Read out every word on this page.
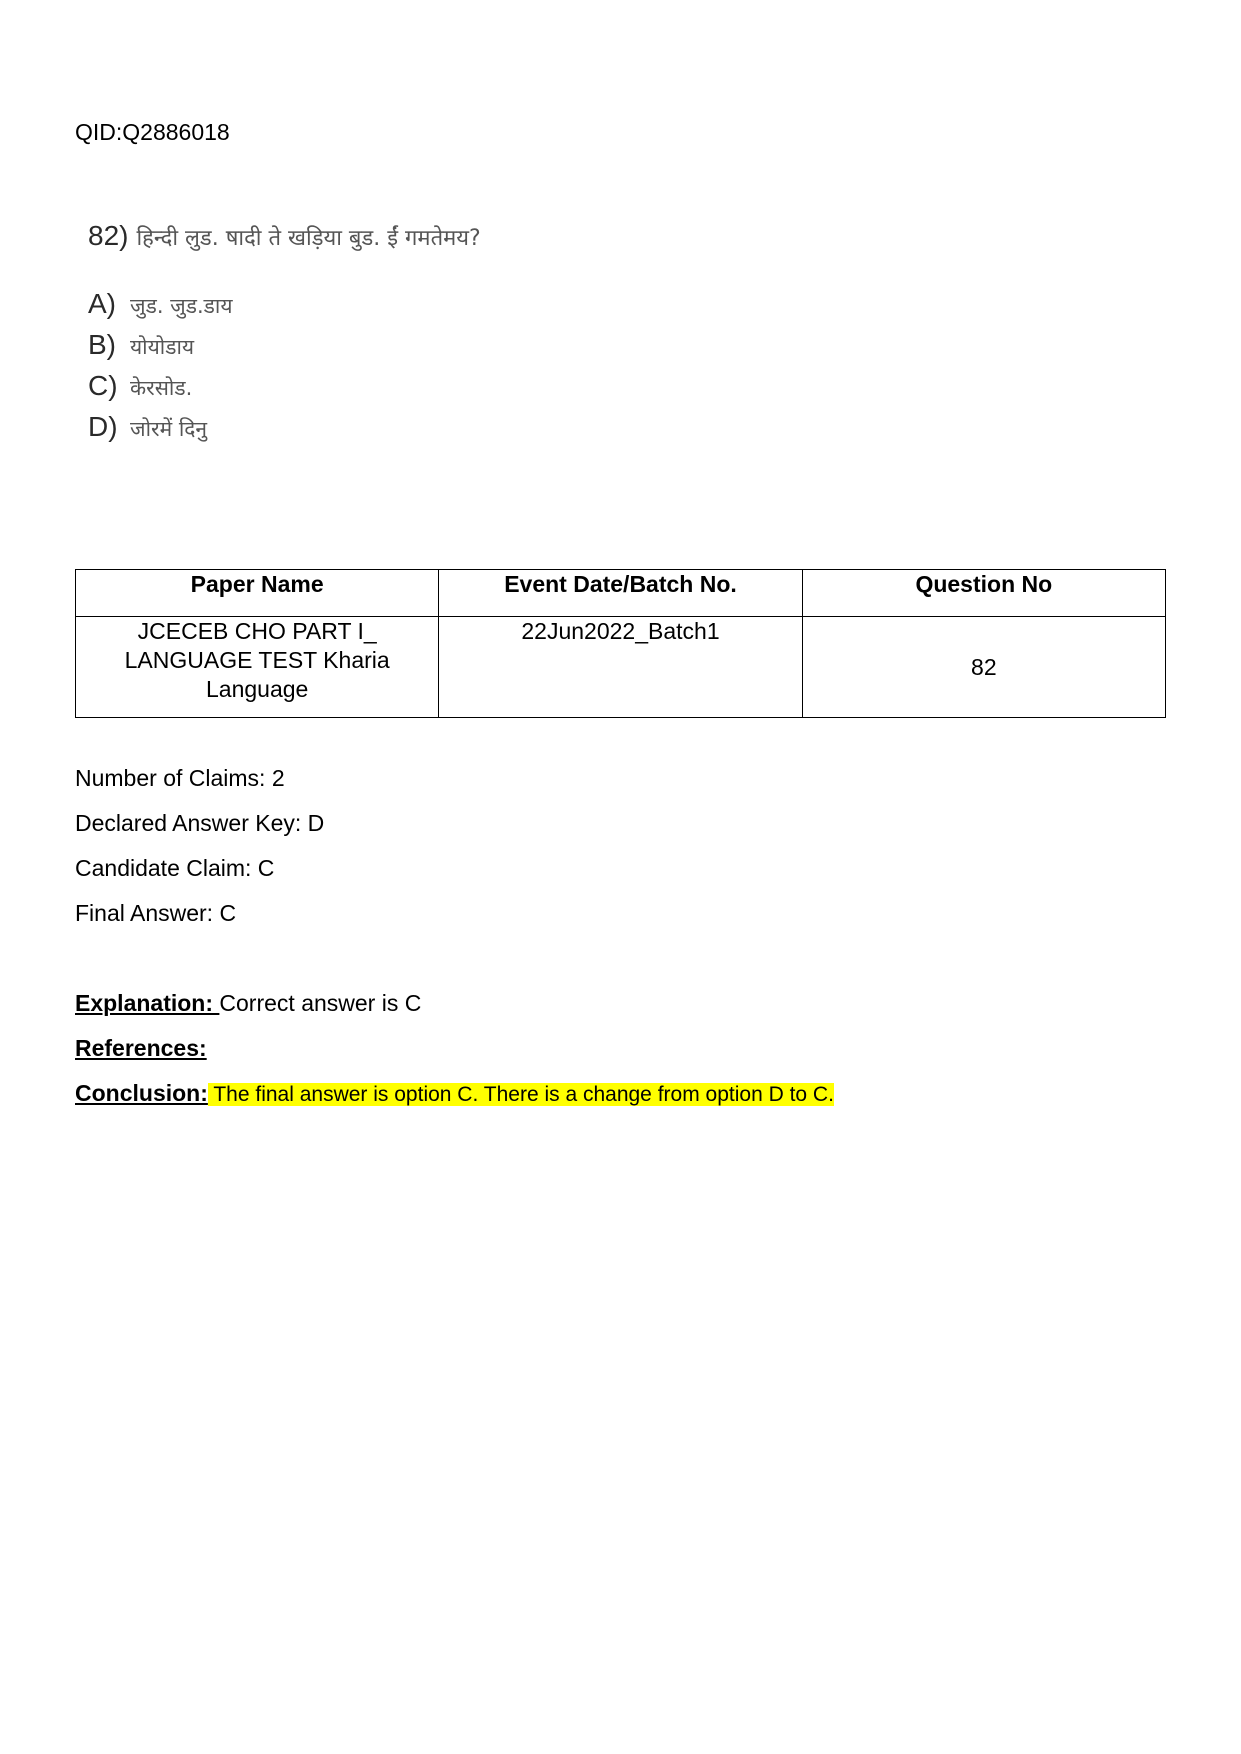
QID:Q2886018
82) हिन्दी लुड. षादी ते खड़िया बुड. ईं गमतेमय?
A) जुड. जुड.डाय
B) योयोडाय
C) केरसोड.
D) जोरमें दिनु
Paper Name	Event Date/Batch No.	Question No
JCECEB CHO PART I_ LANGUAGE TEST Kharia Language	22Jun2022_Batch1	82
Number of Claims: 2
Declared Answer Key: D
Candidate Claim: C
Final Answer: C
Explanation: Correct answer is C
References:
Conclusion: The final answer is option C. There is a change from option D to C.
